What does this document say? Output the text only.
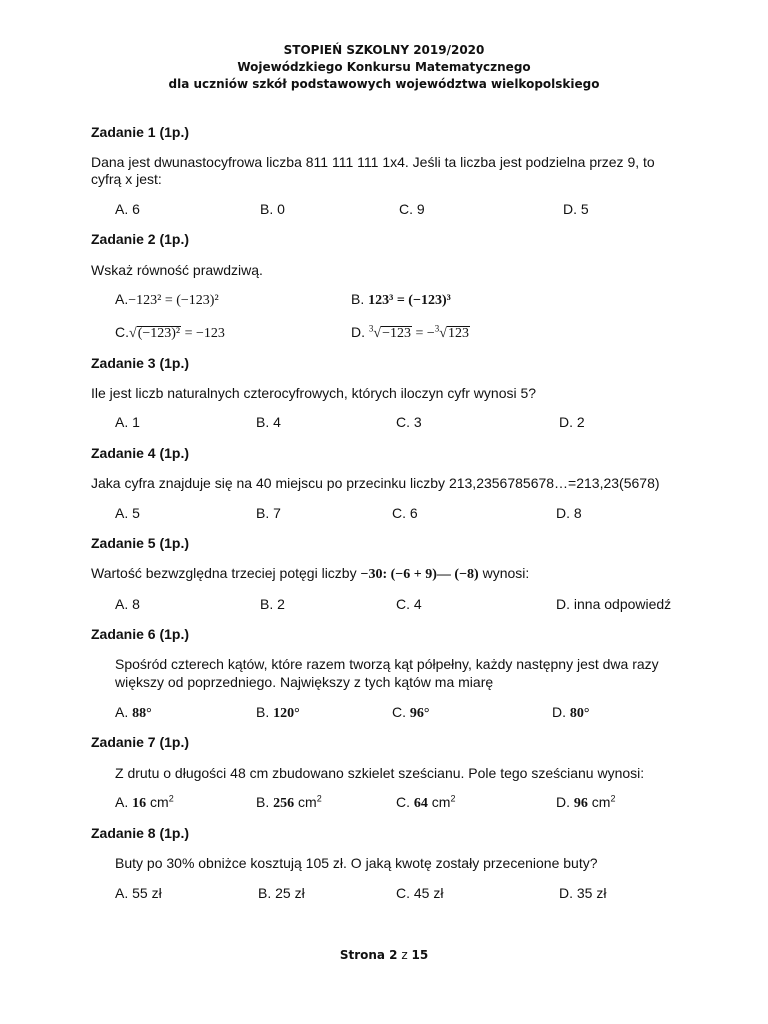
STOPIEŃ SZKOLNY 2019/2020
Wojewódzkiego Konkursu Matematycznego
dla uczniów szkół podstawowych województwa wielkopolskiego
Zadanie 1 (1p.)
Dana jest dwunastocyfrowa liczba 811 111 111 1x4. Jeśli ta liczba jest podzielna przez 9, to
cyfrą x jest:
A. 6	B. 0	C. 9	D. 5
Zadanie 2 (1p.)
Wskaż równość prawdziwą.
A.−123² = (−123)²	B. 123³ = (−123)³
C.√(−123)² = −123	D. $^3$√−123 = −$^3$√123
Zadanie 3 (1p.)
Ile jest liczb naturalnych czterocyfrowych, których iloczyn cyfr wynosi 5?
A. 1	B. 4	C. 3	D. 2
Zadanie 4 (1p.)
Jaka cyfra znajduje się na 40 miejscu po przecinku liczby 213,2356785678…=213,23(5678)
A. 5	B. 7	C. 6	D. 8
Zadanie 5 (1p.)
Wartość bezwzględna trzeciej potęgi liczby −30: (−6 + 9)— (−8) wynosi:
A. 8	B. 2	C. 4	D. inna odpowiedź
Zadanie 6 (1p.)
Spośród czterech kątów, które razem tworzą kąt półpełny, każdy następny jest dwa razy
większy od poprzedniego. Największy z tych kątów ma miarę
A. 88°	B. 120°	C. 96°	D. 80°
Zadanie 7 (1p.)
Z drutu o długości 48 cm zbudowano szkielet sześcianu. Pole tego sześcianu wynosi:
A. 16 $cm^2$	B. 256 $cm^2$	C. 64 $cm^2$	D. 96 $cm^2$
Zadanie 8 (1p.)
Buty po 30% obniżce kosztują 105 zł. O jaką kwotę zostały przecenione buty?
A. 55 zł	B. 25 zł	C. 45 zł	D. 35 zł
Strona 2 z 15
